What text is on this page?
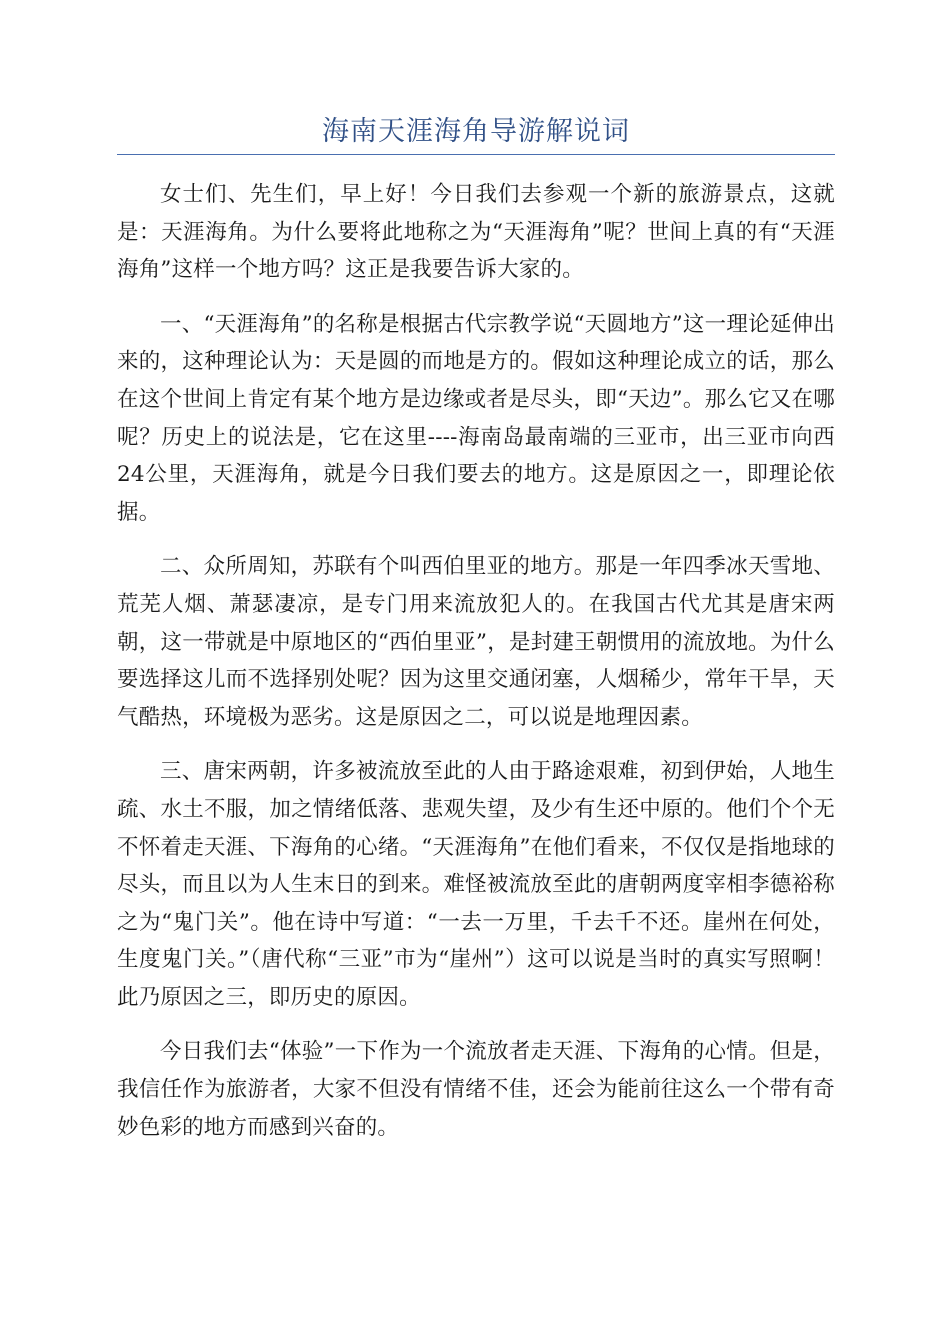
海南天涯海角导游解说词

女士们、先生们，早上好！今日我们去参观一个新的旅游景点，这就是：天涯海角。为什么要将此地称之为“天涯海角”呢？世间上真的有“天涯海角”这样一个地方吗？这正是我要告诉大家的。

一、“天涯海角”的名称是根据古代宗教学说“天圆地方”这一理论延伸出来的，这种理论认为：天是圆的而地是方的。假如这种理论成立的话，那么在这个世间上肯定有某个地方是边缘或者是尽头，即“天边”。那么它又在哪呢？历史上的说法是，它在这里----海南岛最南端的三亚市，出三亚市向西24公里，天涯海角，就是今日我们要去的地方。这是原因之一，即理论依据。

二、众所周知，苏联有个叫西伯里亚的地方。那是一年四季冰天雪地、荒芜人烟、萧瑟凄凉，是专门用来流放犯人的。在我国古代尤其是唐宋两朝，这一带就是中原地区的“西伯里亚”，是封建王朝惯用的流放地。为什么要选择这儿而不选择别处呢？因为这里交通闭塞，人烟稀少，常年干旱，天气酷热，环境极为恶劣。这是原因之二，可以说是地理因素。

三、唐宋两朝，许多被流放至此的人由于路途艰难，初到伊始，人地生疏、水土不服，加之情绪低落、悲观失望，及少有生还中原的。他们个个无不怀着走天涯、下海角的心绪。“天涯海角”在他们看来，不仅仅是指地球的尽头，而且以为人生末日的到来。难怪被流放至此的唐朝两度宰相李德裕称之为“鬼门关”。他在诗中写道：“一去一万里，千去千不还。崖州在何处，生度鬼门关。”（唐代称“三亚”市为“崖州”）这可以说是当时的真实写照啊！此乃原因之三，即历史的原因。

今日我们去“体验”一下作为一个流放者走天涯、下海角的心情。但是，我信任作为旅游者，大家不但没有情绪不佳，还会为能前往这么一个带有奇妙色彩的地方而感到兴奋的。
